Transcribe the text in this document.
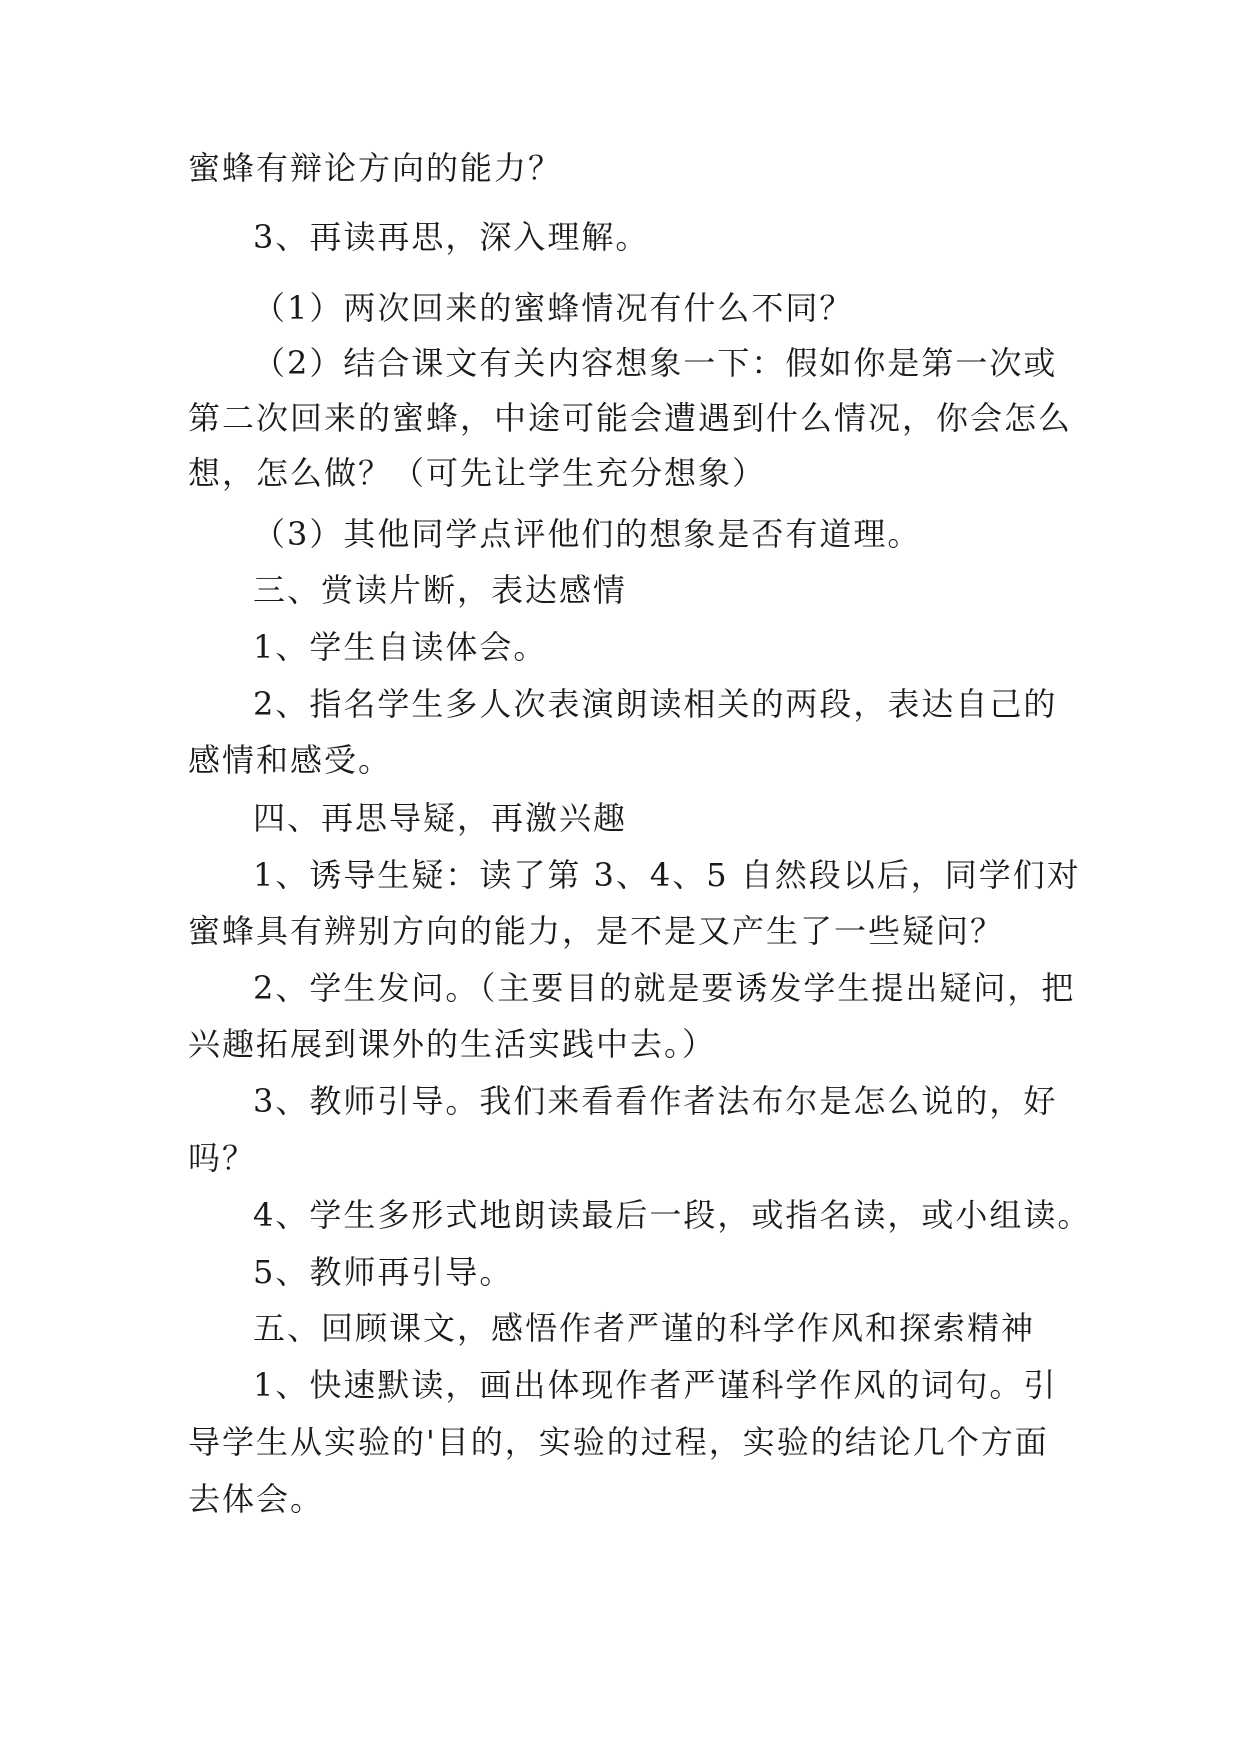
蜜蜂有辩论方向的能力？
3、再读再思，深入理解。
（1）两次回来的蜜蜂情况有什么不同？
（2）结合课文有关内容想象一下：假如你是第一次或
第二次回来的蜜蜂，中途可能会遭遇到什么情况，你会怎么
想，怎么做？（可先让学生充分想象）
（3）其他同学点评他们的想象是否有道理。
三、赏读片断，表达感情
1、学生自读体会。
2、指名学生多人次表演朗读相关的两段，表达自己的
感情和感受。
四、再思导疑，再激兴趣
1、诱导生疑：读了第 3、4、5 自然段以后，同学们对
蜜蜂具有辨别方向的能力，是不是又产生了一些疑问？
2、学生发问。（主要目的就是要诱发学生提出疑问，把
兴趣拓展到课外的生活实践中去。）
3、教师引导。我们来看看作者法布尔是怎么说的，好
吗？
4、学生多形式地朗读最后一段，或指名读，或小组读。
5、教师再引导。
五、回顾课文，感悟作者严谨的科学作风和探索精神
1、快速默读，画出体现作者严谨科学作风的词句。引
导学生从实验的'目的，实验的过程，实验的结论几个方面
去体会。
